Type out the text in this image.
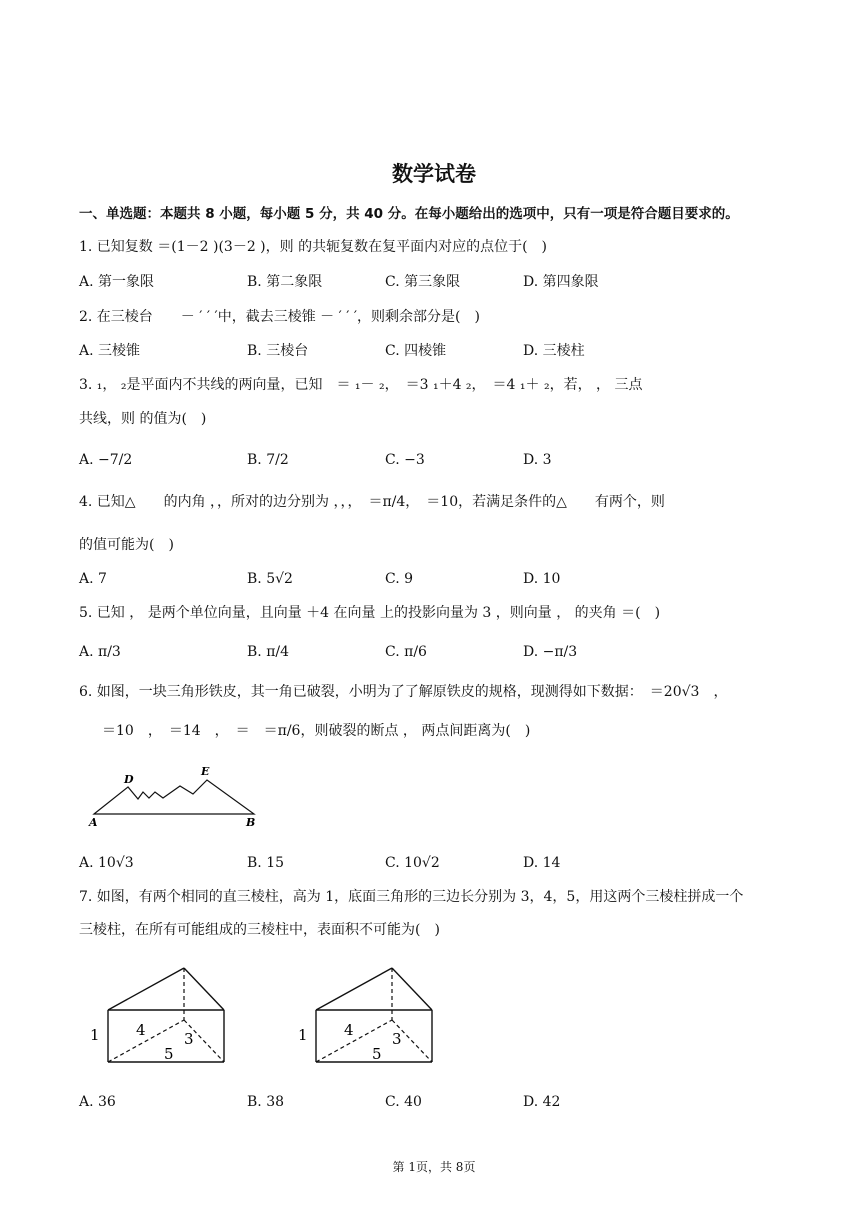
数学试卷
一、单选题：本题共 8 小题，每小题 5 分，共 40 分。在每小题给出的选项中，只有一项是符合题目要求的。
1. 已知复数 ＝(1－2 )(3－2 )，则 的共轭复数在复平面内对应的点位于(　)
A. 第一象限	B. 第二象限	C. 第三象限	D. 第四象限
2. 在三棱台　　－ ′ ′ ′中，截去三棱锥 － ′ ′ ′，则剩余部分是(　)
A. 三棱锥	B. 三棱台	C. 四棱锥	D. 三棱柱
3. ₁， ₂是平面内不共线的两向量，已知　＝ ₁－ ₂，　＝3 ₁＋4 ₂，　＝4 ₁＋ ₂，若， ， 三点
共线，则 的值为(　)
A. −7/2	B. 7/2	C. −3	D. 3
4. 已知△　　的内角 ，，所对的边分别为 ，，，　＝π/4，　＝10，若满足条件的△　　有两个，则
的值可能为(　)
A. 7	B. 5√2	C. 9	D. 10
5. 已知 ， 是两个单位向量，且向量 ＋4 在向量 上的投影向量为 3 ，则向量 ， 的夹角 ＝(　)
A. π/3	B. π/4	C. π/6	D. −π/3
6. 如图，一块三角形铁皮，其一角已破裂，小明为了了解原铁皮的规格，现测得如下数据：　＝20√3　，
＝10　，　＝14　，　＝　＝π/6，则破裂的断点 ， 两点间距离为(　)
D
E
A	B
A. 10√3	B. 15	C. 10√2	D. 14
7. 如图，有两个相同的直三棱柱，高为 1，底面三角形的三边长分别为 3，4，5，用这两个三棱柱拼成一个
三棱柱，在所有可能组成的三棱柱中，表面积不可能为(　)
1 4	3
5
1 4	3
5
A. 36	B. 38	C. 40	D. 42
第 1页，共 8页
